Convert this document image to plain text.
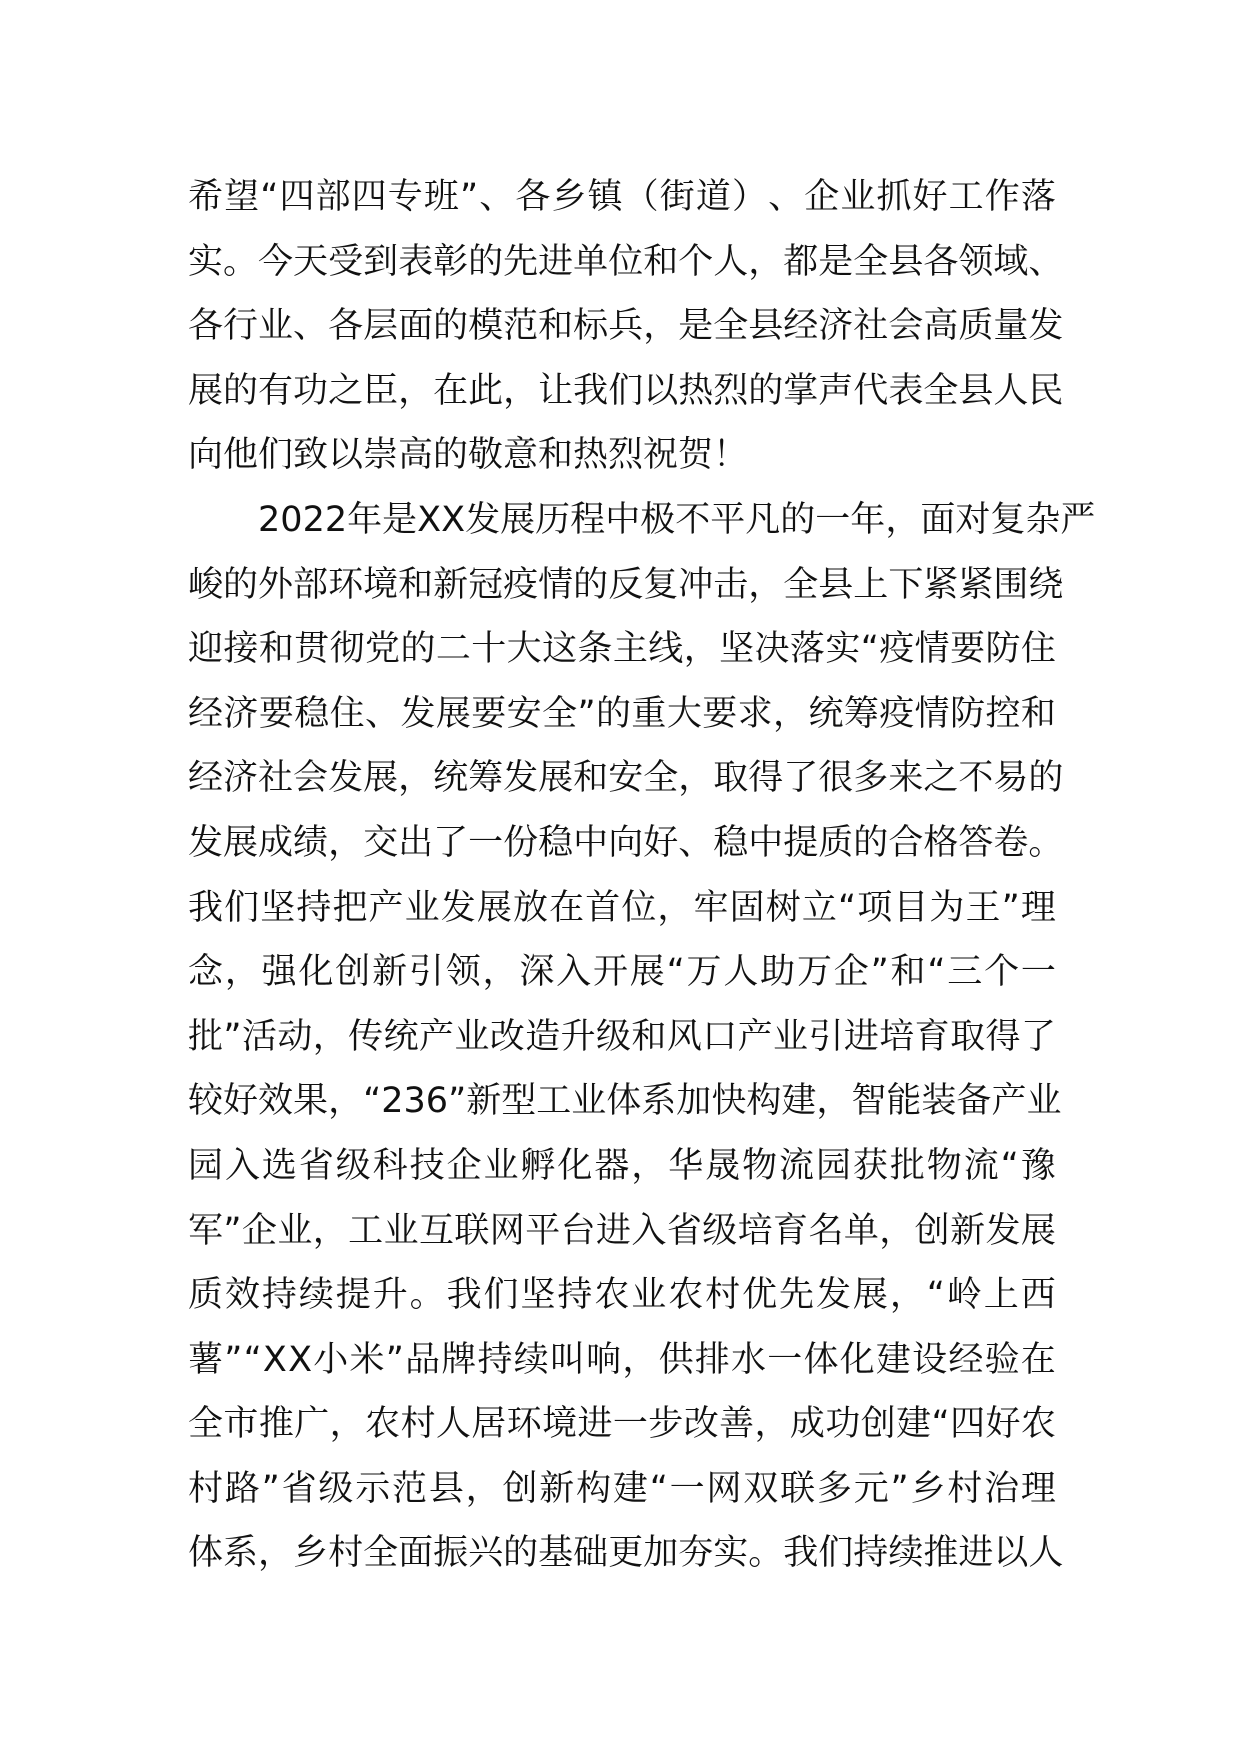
希 望 “ 四 部 四 专 班 ” 、 各 乡 镇 （ 街 道 ） 、 企 业 抓 好 工 作 落
实 。 今 天 受 到 表 彰 的 先 进 单 位 和 个 人 ， 都 是 全 县 各 领 域 、
各 行 业 、 各 层 面 的 模 范 和 标 兵 ， 是 全 县 经 济 社 会 高 质 量 发
展 的 有 功 之 臣 ， 在 此 ， 让 我 们 以 热 烈 的 掌 声 代 表 全 县 人 民
向他们致以崇高的敬意和热烈祝贺！
2 0 2 2 年 是 X X 发 展 历 程 中 极 不 平 凡 的 一 年 ， 面 对 复 杂 严
峻 的 外 部 环 境 和 新 冠 疫 情 的 反 复 冲 击 ， 全 县 上 下 紧 紧 围 绕
迎 接 和 贯 彻 党 的 二 十 大 这 条 主 线 ， 坚 决 落 实 “ 疫 情 要 防 住
经 济 要 稳 住 、 发 展 要 安 全 ” 的 重 大 要 求 ， 统 筹 疫 情 防 控 和
经 济 社 会 发 展 ， 统 筹 发 展 和 安 全 ， 取 得 了 很 多 来 之 不 易 的
发 展 成 绩 ， 交 出 了 一 份 稳 中 向 好 、 稳 中 提 质 的 合 格 答 卷 。
我 们 坚 持 把 产 业 发 展 放 在 首 位 ， 牢 固 树 立 “ 项 目 为 王 ” 理
念 ， 强 化 创 新 引 领 ， 深 入 开 展 “ 万 人 助 万 企 ” 和 “ 三 个 一
批 ” 活 动 ， 传 统 产 业 改 造 升 级 和 风 口 产 业 引 进 培 育 取 得 了
较 好 效 果 ， “ 2 3 6 ” 新 型 工 业 体 系 加 快 构 建 ， 智 能 装 备 产 业
园 入 选 省 级 科 技 企 业 孵 化 器 ， 华 晟 物 流 园 获 批 物 流 “ 豫
军 ” 企 业 ， 工 业 互 联 网 平 台 进 入 省 级 培 育 名 单 ， 创 新 发 展
质 效 持 续 提 升 。 我 们 坚 持 农 业 农 村 优 先 发 展 ， “ 岭 上 西
薯 ” “ X X 小 米 ” 品 牌 持 续 叫 响 ， 供 排 水 一 体 化 建 设 经 验 在
全 市 推 广 ， 农 村 人 居 环 境 进 一 步 改 善 ， 成 功 创 建 “ 四 好 农
村 路 ” 省 级 示 范 县 ， 创 新 构 建 “ 一 网 双 联 多 元 ” 乡 村 治 理
体 系 ， 乡 村 全 面 振 兴 的 基 础 更 加 夯 实 。 我 们 持 续 推 进 以 人
